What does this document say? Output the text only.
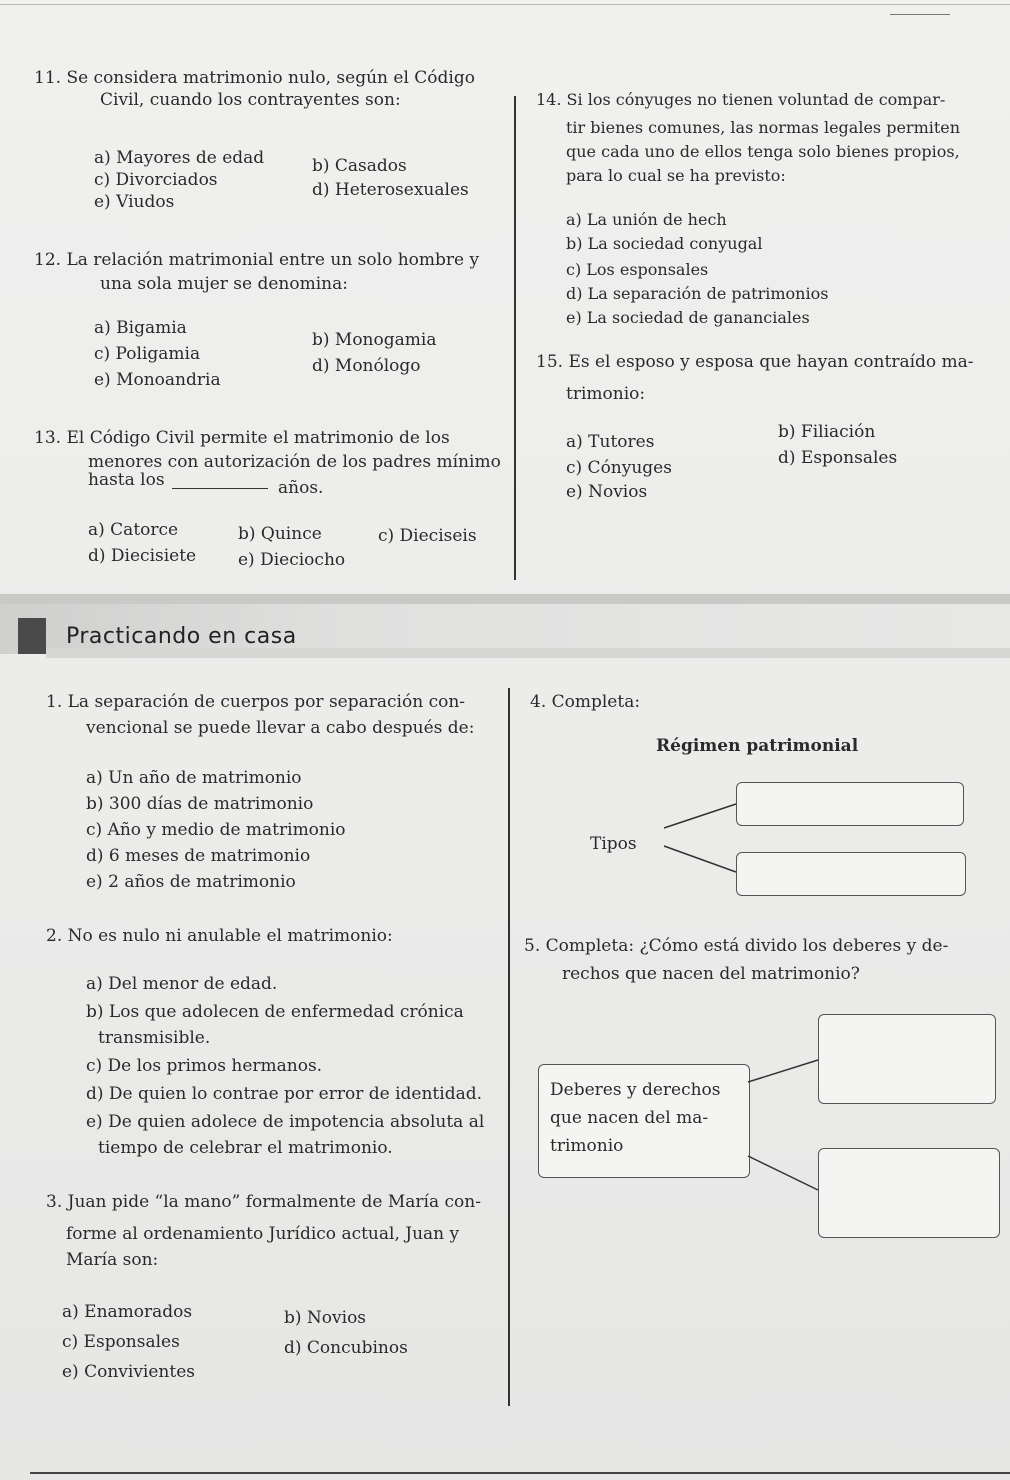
11. Se considera matrimonio nulo, según el Código
Civil, cuando los contrayentes son:
a) Mayores de edad	b) Casados
c) Divorciados	d) Heterosexuales
e) Viudos
12. La relación matrimonial entre un solo hombre y
una sola mujer se denomina:
a) Bigamia
b) Monogamia
c) Poligamia
d) Monólogo
e) Monoandria
13. El Código Civil permite el matrimonio de los
menores con autorización de los padres mínimo
hasta los	años.
a) Catorce	b) Quince	c) Dieciseis
d) Diecisiete e) Dieciocho
14. Si los cónyuges no tienen voluntad de compar-
tir bienes comunes, las normas legales permiten
que cada uno de ellos tenga solo bienes propios,
para lo cual se ha previsto:
a) La unión de hech
b) La sociedad conyugal
c) Los esponsales
d) La separación de patrimonios
e) La sociedad de gananciales
15. Es el esposo y esposa que hayan contraído ma-
trimonio:
a) Tutores	b) Filiación
c) Cónyuges	d) Esponsales
e) Novios
Practicando en casa
1. La separación de cuerpos por separación con-
vencional se puede llevar a cabo después de:
a) Un año de matrimonio
b) 300 días de matrimonio
c) Año y medio de matrimonio
d) 6 meses de matrimonio
e) 2 años de matrimonio
2. No es nulo ni anulable el matrimonio:
a) Del menor de edad.
b) Los que adolecen de enfermedad crónica
transmisible.
c) De los primos hermanos.
d) De quien lo contrae por error de identidad.
e) De quien adolece de impotencia absoluta al
tiempo de celebrar el matrimonio.
3. Juan pide “la mano” formalmente de María con-
forme al ordenamiento Jurídico actual, Juan y
María son:
a) Enamorados	b) Novios
c) Esponsales	d) Concubinos
e) Convivientes
4. Completa:
Régimen patrimonial
Tipos
5. Completa: ¿Cómo está divido los deberes y de-
rechos que nacen del matrimonio?
Deberes y derechos
que nacen del ma-
trimonio
